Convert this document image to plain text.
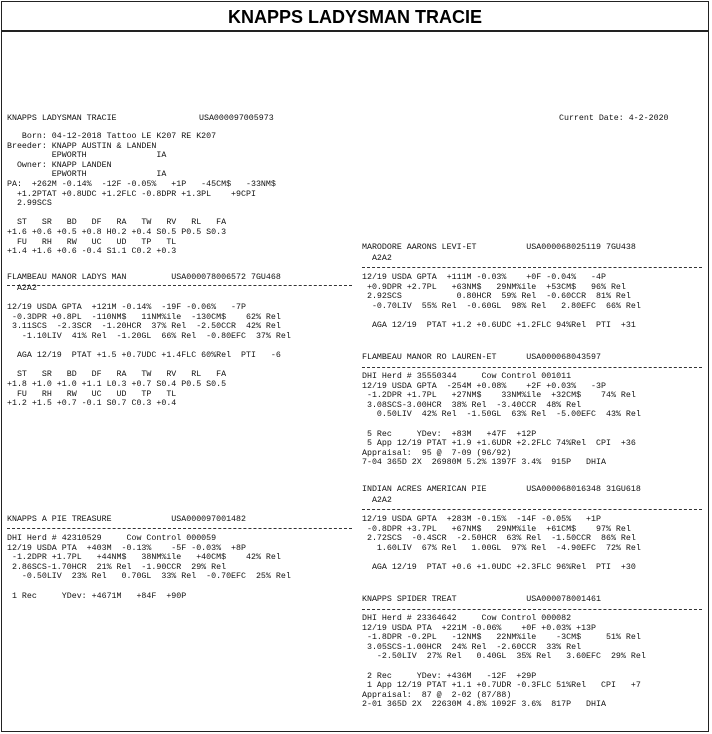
KNAPPS LADYSMAN TRACIE
KNAPPS LADYSMAN TRACIE	USA000097005973	Current Date: 4-2-2020
Born: 04-12-2018 Tattoo LE K207 RE K207
Breeder: KNAPP AUSTIN & LANDEN
EPWORTH              IA
Owner: KNAPP LANDEN
EPWORTH              IA
PA:  +262M -0.14%  -12F -0.05%   +1P   -45CM$   -33NM$
+1.2PTAT +0.8UDC +1.2FLC -0.8DPR +1.3PL    +9CPI
2.99SCS

ST   SR   BD   DF   RA   TW   RV   RL   FA
+1.6 +0.6 +0.5 +0.8 H0.2 +0.4 S0.5 P0.5 S0.3
FU   RH   RW   UC   UD   TP   TL
+1.4 +1.6 +0.6 -0.4 S1.1 C0.2 +0.3
FLAMBEAU MANOR LADYS MAN         USA000078006572 7GU468
A2A2

12/19 USDA GPTA  +121M -0.14%  -19F -0.06%   -7P
-0.3DPR +0.8PL  -110NM$   11NM%ile  -130CM$    62% Rel
3.11SCS  -2.3SCR  -1.20HCR  37% Rel  -2.50CCR  42% Rel
-1.10LIV  41% Rel  -1.20GL  66% Rel  -0.80EFC  37% Rel

AGA 12/19  PTAT +1.5 +0.7UDC +1.4FLC 60%Rel  PTI   -6

ST   SR   BD   DF   RA   TW   RV   RL   FA
+1.8 +1.0 +1.0 +1.1 L0.3 +0.7 S0.4 P0.5 S0.5
FU   RH   RW   UC   UD   TP   TL
+1.2 +1.5 +0.7 -0.1 S0.7 C0.3 +0.4
KNAPPS A PIE TREASURE            USA000097001482
DHI Herd # 42310529     Cow Control 000059
12/19 USDA PTA  +403M  -0.13%    -5F -0.03%  +8P
-1.2DPR +1.7PL   +44NM$   38NM%ile   +40CM$    42% Rel
2.86SCS-1.70HCR  21% Rel  -1.90CCR  29% Rel
-0.50LIV  23% Rel   0.70GL  33% Rel  -0.70EFC  25% Rel

1 Rec     YDev: +4671M   +84F  +90P
MARODORE AARONS LEVI-ET          USA000068025119 7GU438
A2A2

12/19 USDA GPTA  +111M -0.03%    +0F -0.04%   -4P
+0.9DPR +2.7PL   +63NM$   29NM%ile  +53CM$   96% Rel
2.92SCS           0.80HCR  59% Rel  -0.60CCR  81% Rel
-0.70LIV  55% Rel  -0.60GL  98% Rel   2.80EFC  66% Rel

AGA 12/19  PTAT +1.2 +0.6UDC +1.2FLC 94%Rel  PTI  +31
FLAMBEAU MANOR RO LAUREN-ET      USA000068043597
DHI Herd # 35550344     Cow Control 001011
12/19 USDA GPTA  -254M +0.08%    +2F +0.03%   -3P
-1.2DPR +1.7PL   +27NM$    33NM%ile  +32CM$    74% Rel
3.08SCS-3.00HCR  38% Rel  -3.40CCR  48% Rel
0.50LIV  42% Rel  -1.50GL  63% Rel  -5.00EFC  43% Rel

5 Rec     YDev:  +83M   +47F  +12P
5 App 12/19 PTAT +1.9 +1.6UDR +2.2FLC 74%Rel  CPI  +36
Appraisal:  95 @  7-09 (96/92)
7-04 365D 2X  26980M 5.2% 1397F 3.4%  915P   DHIA
INDIAN ACRES AMERICAN PIE        USA000068016348 31GU618
A2A2

12/19 USDA GPTA  +283M -0.15%  -14F -0.05%   +1P
-0.8DPR +3.7PL   +67NM$   29NM%ile  +61CM$    97% Rel
2.72SCS  -0.4SCR  -2.50HCR  63% Rel  -1.50CCR  86% Rel
1.60LIV  67% Rel   1.00GL  97% Rel  -4.90EFC  72% Rel

AGA 12/19  PTAT +0.6 +1.0UDC +2.3FLC 96%Rel  PTI  +30
KNAPPS SPIDER TREAT              USA000078001461
DHI Herd # 23364642     Cow Control 000082
12/19 USDA PTA  +221M -0.06%    +0F +0.03% +13P
-1.8DPR -0.2PL   -12NM$   22NM%ile    -3CM$     51% Rel
3.05SCS-1.00HCR  24% Rel  -2.60CCR  33% Rel
-2.50LIV  27% Rel   0.40GL  35% Rel   3.60EFC  29% Rel

2 Rec     YDev: +436M   -12F  +29P
1 App 12/19 PTAT +1.1 +0.7UDR -0.3FLC 51%Rel   CPI   +7
Appraisal:  87 @  2-02 (87/88)
2-01 365D 2X  22630M 4.8% 1092F 3.6%  817P   DHIA
